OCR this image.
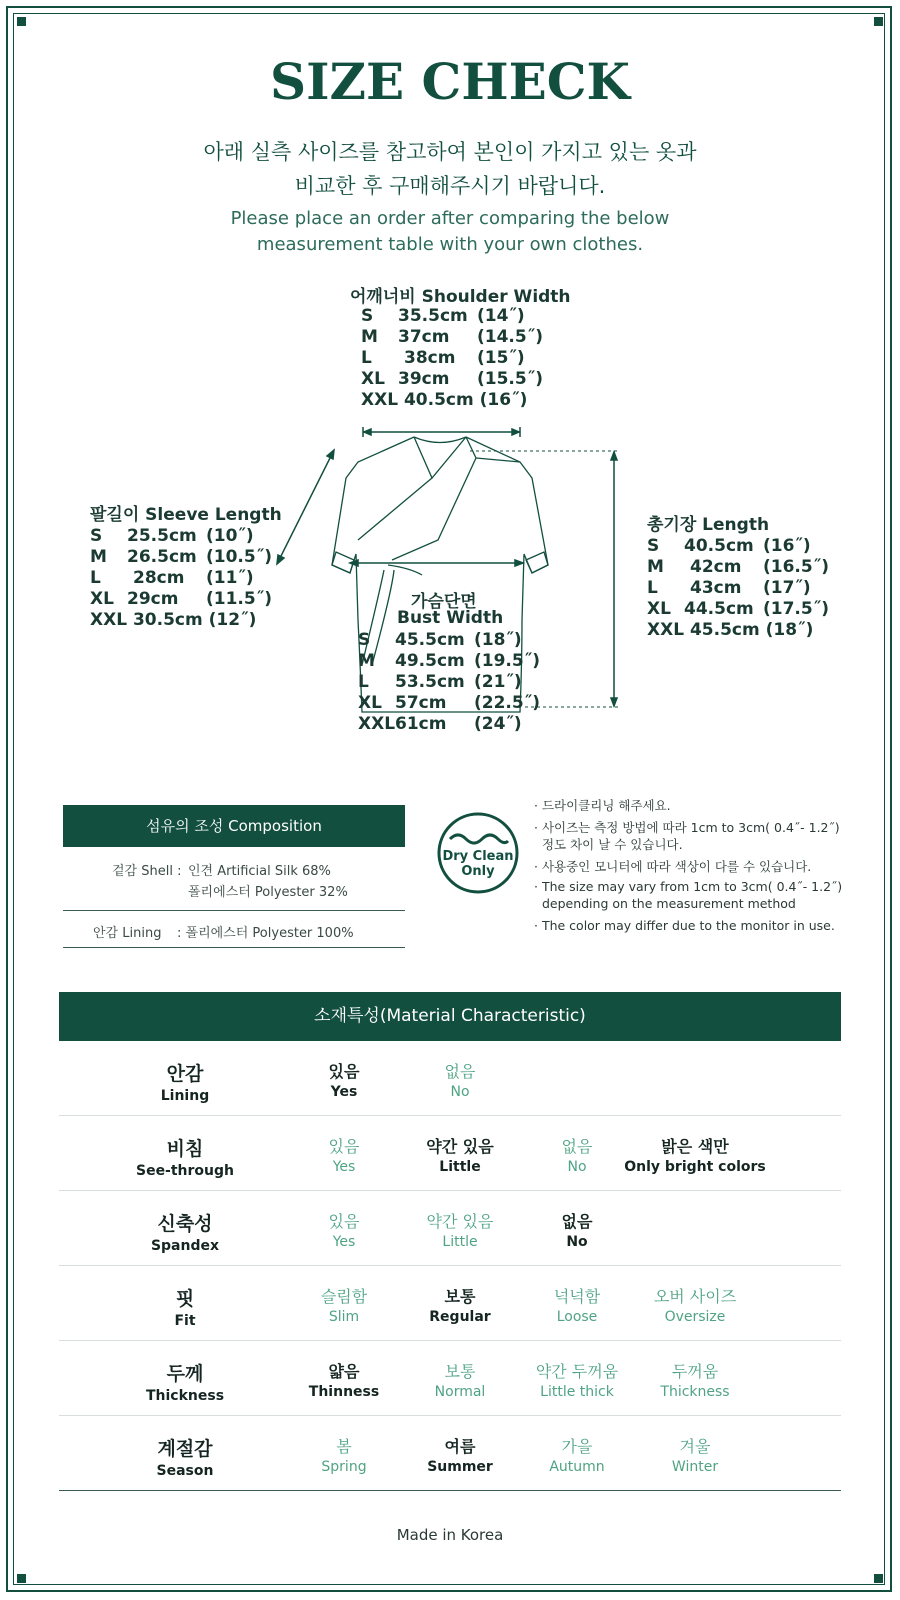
SIZE CHECK
아래 실측 사이즈를 참고하여 본인이 가지고 있는 옷과
비교한 후 구매해주시기 바랍니다.
Please place an order after comparing the below
measurement table with your own clothes.
어깨너비 Shoulder Width
S 35.5cm (14˝)
M 37cm (14.5˝)
L 38cm (15˝)
XL 39cm (15.5˝)
XXL 40.5cm (16˝)
팔길이 Sleeve Length
S 25.5cm (10˝)
M 26.5cm (10.5˝)
L 28cm (11˝)
XL 29cm (11.5˝)
XXL 30.5cm (12˝)
총기장 Length
S 40.5cm (16˝)
M 42cm (16.5˝)
L 43cm (17˝)
XL 44.5cm (17.5˝)
XXL 45.5cm (18˝)
가슴단면
Bust Width
S 45.5cm (18˝)
M 49.5cm (19.5˝)
L 53.5cm (21˝)
XL 57cm (22.5˝)
XXL61cm (24˝)
섬유의 조성 Composition
겉감 Shell : 인견 Artificial Silk 68%
폴리에스터 Polyester 32%
안감 Lining : 폴리에스터 Polyester 100%
Dry Clean
Only
· 드라이클리닝 해주세요.
· 사이즈는 측정 방법에 따라 1cm to 3cm( 0.4˝- 1.2˝)
정도 차이 날 수 있습니다.
· 사용중인 모니터에 따라 색상이 다를 수 있습니다.
· The size may vary from 1cm to 3cm( 0.4˝- 1.2˝)
depending on the measurement method
· The color may differ due to the monitor in use.
소재특성(Material Characteristic)
안감
Lining
있음
Yes
없음
No
비침
See-through
있음
Yes
약간 있음
Little
없음
No
밝은 색만
Only bright colors
신축성
Spandex
있음
Yes
약간 있음
Little
없음
No
핏
Fit
슬림함
Slim
보통
Regular
넉넉함
Loose
오버 사이즈
Oversize
두께
Thickness
얇음
Thinness
보통
Normal
약간 두꺼움
Little thick
두꺼움
Thickness
계절감
Season
봄
Spring
여름
Summer
가을
Autumn
겨울
Winter
Made in Korea
